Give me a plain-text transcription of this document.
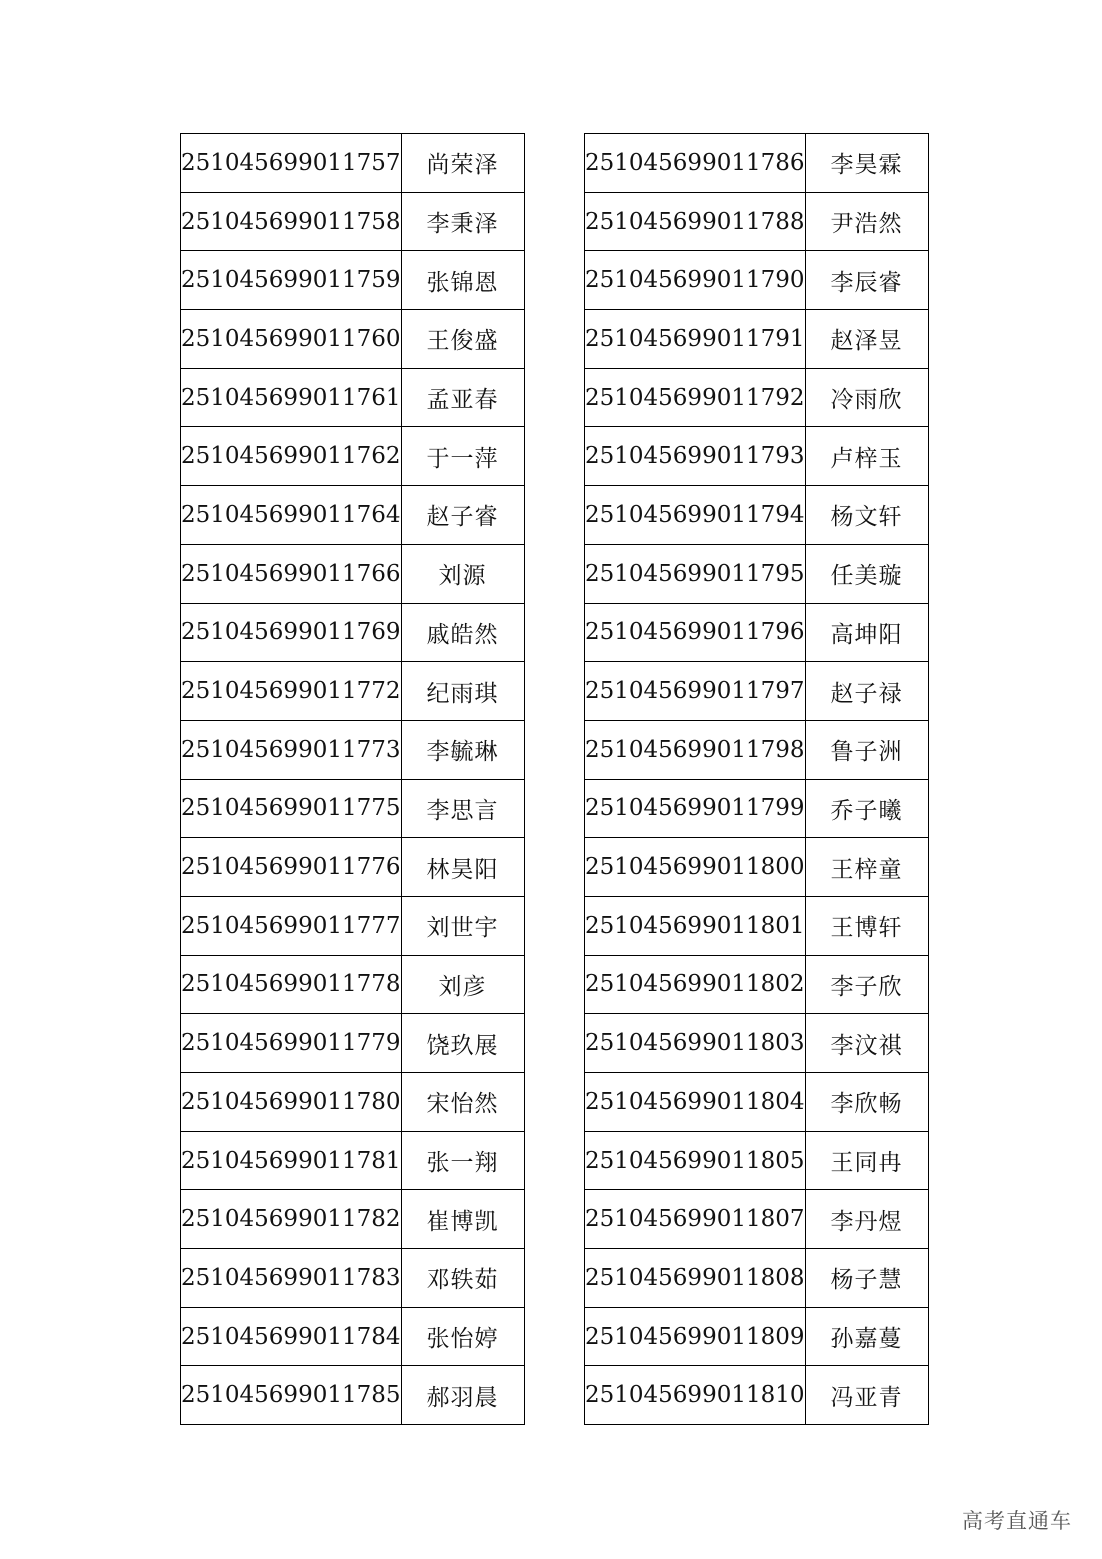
251045699011757	尚荣泽
251045699011758	李秉泽
251045699011759	张锦恩
251045699011760	王俊盛
251045699011761	孟亚春
251045699011762	于一萍
251045699011764	赵子睿
251045699011766	刘源
251045699011769	戚皓然
251045699011772	纪雨琪
251045699011773	李毓琳
251045699011775	李思言
251045699011776	林昊阳
251045699011777	刘世宇
251045699011778	刘彦
251045699011779	饶玖展
251045699011780	宋怡然
251045699011781	张一翔
251045699011782	崔博凯
251045699011783	邓轶茹
251045699011784	张怡婷
251045699011785	郝羽晨
251045699011786	李昊霖
251045699011788	尹浩然
251045699011790	李辰睿
251045699011791	赵泽昱
251045699011792	冷雨欣
251045699011793	卢梓玉
251045699011794	杨文轩
251045699011795	任美璇
251045699011796	高坤阳
251045699011797	赵子禄
251045699011798	鲁子洲
251045699011799	乔子曦
251045699011800	王梓童
251045699011801	王博轩
251045699011802	李子欣
251045699011803	李汶祺
251045699011804	李欣畅
251045699011805	王同冉
251045699011807	李丹煜
251045699011808	杨子慧
251045699011809	孙嘉蔓
251045699011810	冯亚青
高考直通车
